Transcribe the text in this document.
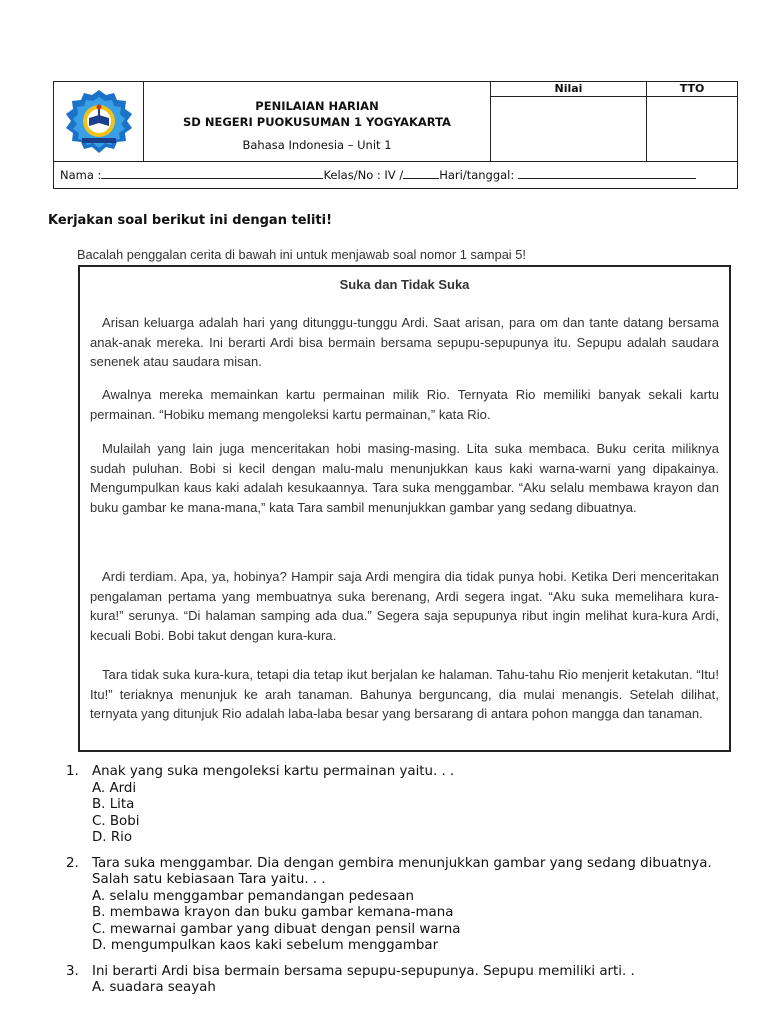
PENILAIAN HARIAN
SD NEGERI PUOKUSUMAN 1 YOGYAKARTA
Bahasa Indonesia – Unit 1
Nilai	TTO
Nama :	Kelas/No : IV /	Hari/tanggal:
Kerjakan soal berikut ini dengan teliti!
Bacalah penggalan cerita di bawah ini untuk menjawab soal nomor 1 sampai 5!
Suka dan Tidak Suka
Arisan keluarga adalah hari yang ditunggu-tunggu Ardi. Saat arisan, para om dan tante datang bersama anak-anak mereka. Ini berarti Ardi bisa bermain bersama sepupu-sepupunya itu. Sepupu adalah saudara senenek atau saudara misan.
Awalnya mereka memainkan kartu permainan milik Rio. Ternyata Rio memiliki banyak sekali kartu permainan. “Hobiku memang mengoleksi kartu permainan,” kata Rio.
Mulailah yang lain juga menceritakan hobi masing-masing. Lita suka membaca. Buku cerita miliknya sudah puluhan. Bobi si kecil dengan malu-malu menunjukkan kaus kaki warna-warni yang dipakainya. Mengumpulkan kaus kaki adalah kesukaannya. Tara suka menggambar. “Aku selalu membawa krayon dan buku gambar ke mana-mana,” kata Tara sambil menunjukkan gambar yang sedang dibuatnya.
Ardi terdiam. Apa, ya, hobinya? Hampir saja Ardi mengira dia tidak punya hobi. Ketika Deri menceritakan pengalaman pertama yang membuatnya suka berenang, Ardi segera ingat. “Aku suka memelihara kura-kura!” serunya. “Di halaman samping ada dua.” Segera saja sepupunya ribut ingin melihat kura-kura Ardi, kecuali Bobi. Bobi takut dengan kura-kura.
Tara tidak suka kura-kura, tetapi dia tetap ikut berjalan ke halaman. Tahu-tahu Rio menjerit ketakutan. “Itu! Itu!” teriaknya menunjuk ke arah tanaman. Bahunya berguncang, dia mulai menangis. Setelah dilihat, ternyata yang ditunjuk Rio adalah laba-laba besar yang bersarang di antara pohon mangga dan tanaman.
1. Anak yang suka mengoleksi kartu permainan yaitu. . .
A. Ardi
B. Lita
C. Bobi
D. Rio
2. Tara suka menggambar. Dia dengan gembira menunjukkan gambar yang sedang dibuatnya. Salah satu kebiasaan Tara yaitu. . .
A. selalu menggambar pemandangan pedesaan
B. membawa krayon dan buku gambar kemana-mana
C. mewarnai gambar yang dibuat dengan pensil warna
D. mengumpulkan kaos kaki sebelum menggambar
3. Ini berarti Ardi bisa bermain bersama sepupu-sepupunya. Sepupu memiliki arti. .
A. suadara seayah
